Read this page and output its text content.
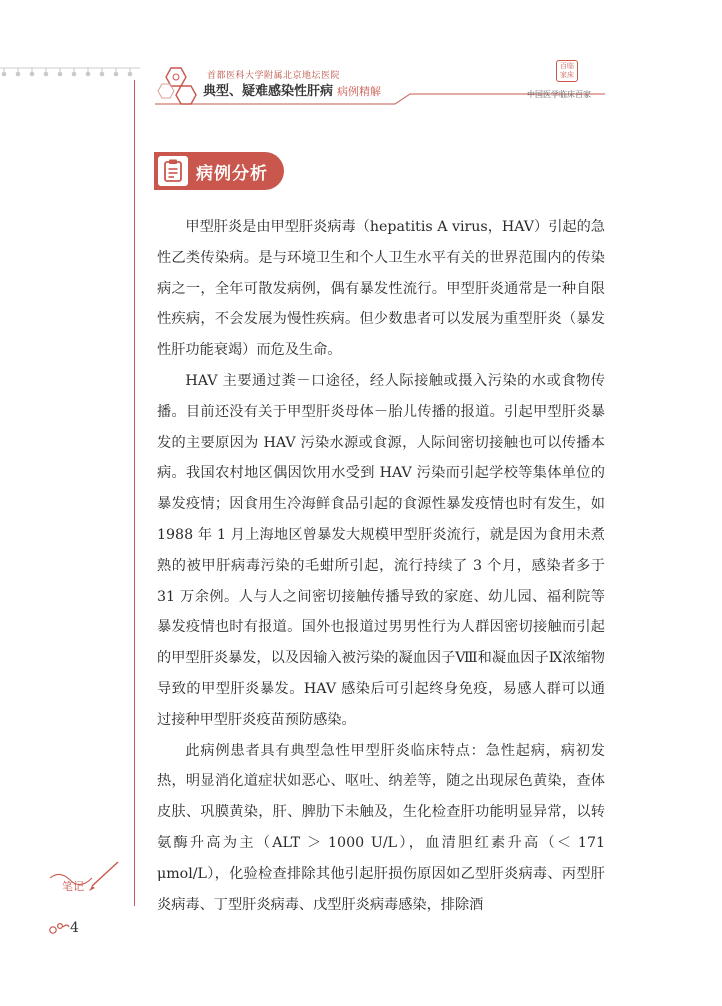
首都医科大学附属北京地坛医院
典型、疑难感染性肝病 病例精解
百临家床
中国医学临床百家
病例分析

甲型肝炎是由甲型肝炎病毒（hepatitis A virus，HAV）引起的急性乙类传染病。是与环境卫生和个人卫生水平有关的世界范围内的传染病之一，全年可散发病例，偶有暴发性流行。甲型肝炎通常是一种自限性疾病，不会发展为慢性疾病。但少数患者可以发展为重型肝炎（暴发性肝功能衰竭）而危及生命。

HAV 主要通过粪－口途径，经人际接触或摄入污染的水或食物传播。目前还没有关于甲型肝炎母体－胎儿传播的报道。引起甲型肝炎暴发的主要原因为 HAV 污染水源或食源，人际间密切接触也可以传播本病。我国农村地区偶因饮用水受到 HAV 污染而引起学校等集体单位的暴发疫情；因食用生冷海鲜食品引起的食源性暴发疫情也时有发生，如 1988 年 1 月上海地区曾暴发大规模甲型肝炎流行，就是因为食用未煮熟的被甲肝病毒污染的毛蚶所引起，流行持续了 3 个月，感染者多于 31 万余例。人与人之间密切接触传播导致的家庭、幼儿园、福利院等暴发疫情也时有报道。国外也报道过男男性行为人群因密切接触而引起的甲型肝炎暴发，以及因输入被污染的凝血因子Ⅷ和凝血因子Ⅸ浓缩物导致的甲型肝炎暴发。HAV 感染后可引起终身免疫，易感人群可以通过接种甲型肝炎疫苗预防感染。

此病例患者具有典型急性甲型肝炎临床特点：急性起病，病初发热，明显消化道症状如恶心、呕吐、纳差等，随之出现尿色黄染，查体皮肤、巩膜黄染，肝、脾肋下未触及，生化检查肝功能明显异常，以转氨酶升高为主（ALT ＞ 1000 U/L），血清胆红素升高（＜ 171 μmol/L），化验检查排除其他引起肝损伤原因如乙型肝炎病毒、丙型肝炎病毒、丁型肝炎病毒、戊型肝炎病毒感染，排除酒

笔记
4
